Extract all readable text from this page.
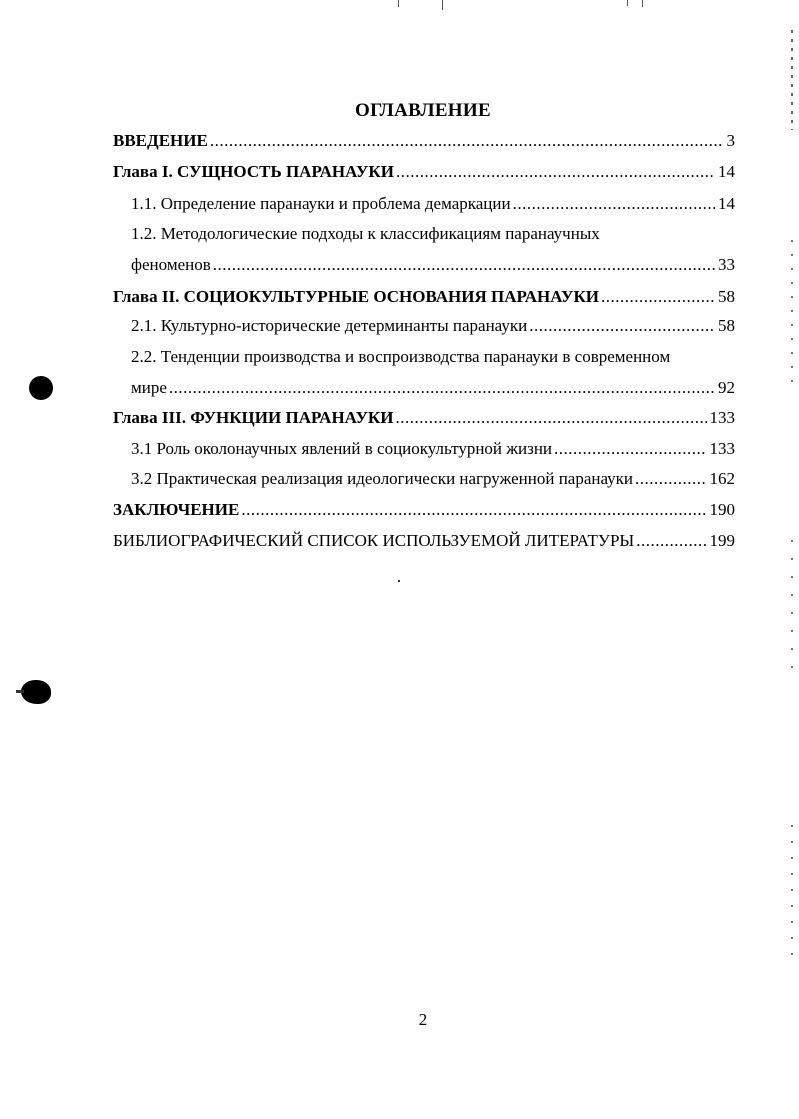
ОГЛАВЛЕНИЕ
ВВЕДЕНИЕ .....	3
Глава I. СУЩНОСТЬ ПАРАНАУКИ .....	14
1.1. Определение паранауки и проблема демаркации .....	14
1.2. Методологические подходы к классификациям паранаучных
феноменов .....	33
Глава II. СОЦИОКУЛЬТУРНЫЕ ОСНОВАНИЯ ПАРАНАУКИ .....	58
2.1. Культурно-исторические детерминанты паранауки .....	58
2.2. Тенденции производства и воспроизводства паранауки в современном
мире .....	92
Глава III. ФУНКЦИИ ПАРАНАУКИ .....	133
3.1 Роль околонаучных явлений в социокультурной жизни .....	133
3.2 Практическая реализация идеологически нагруженной паранауки .....	162
ЗАКЛЮЧЕНИЕ .....	190
БИБЛИОГРАФИЧЕСКИЙ СПИСОК ИСПОЛЬЗУЕМОЙ ЛИТЕРАТУРЫ .....	199
2
